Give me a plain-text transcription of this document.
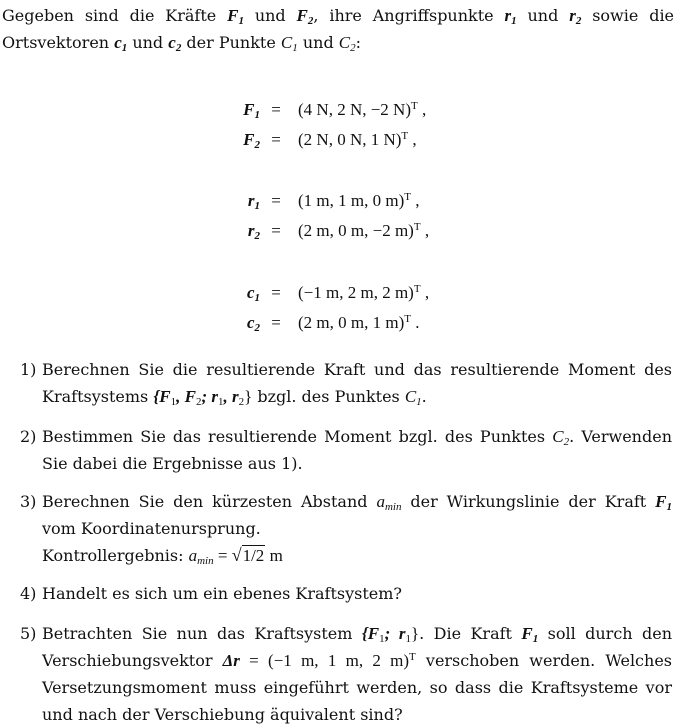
Gegeben sind die Kräfte $F_1$ und $F_2$, ihre Angriffspunkte $r_1$ und $r_2$ sowie die Ortsvektoren $c_1$ und $c_2$ der Punkte $C_1$ und $C_2$:
$F_1 = (4$ N, 2 N, −2 N)$^T$ ,
$F_2 = (2$ N, 0 N, 1 N)$^T$ ,
$r_1 = (1$ m, 1 m, 0 m)$^T$ ,
$r_2 = (2$ m, 0 m, −2 m)$^T$ ,
$c_1 = (-1$ m, 2 m, 2 m)$^T$ ,
$c_2 = (2$ m, 0 m, 1 m)$^T$ .
1) Berechnen Sie die resultierende Kraft und das resultierende Moment des Kraftsystems {$F_1$, $F_2$; $r_1$, $r_2$} bzgl. des Punktes $C_1$.
2) Bestimmen Sie das resultierende Moment bzgl. des Punktes $C_2$. Verwenden Sie dabei die Ergebnisse aus 1).
3) Berechnen Sie den kürzesten Abstand $a_{min}$ der Wirkungslinie der Kraft $F_1$ vom Koordinatenursprung.
Kontrollergebnis: $a_{min} = √1/2$ m
4) Handelt es sich um ein ebenes Kraftsystem?
5) Betrachten Sie nun das Kraftsystem {$F_1$; $r_1$}. Die Kraft $F_1$ soll durch den Verschiebungsvektor Δr = (−1 m, 1 m, 2 m)$^T$ verschoben werden. Welches Versetzungsmoment muss eingeführt werden, so dass die Kraftsysteme vor und nach der Verschiebung äquivalent sind?
